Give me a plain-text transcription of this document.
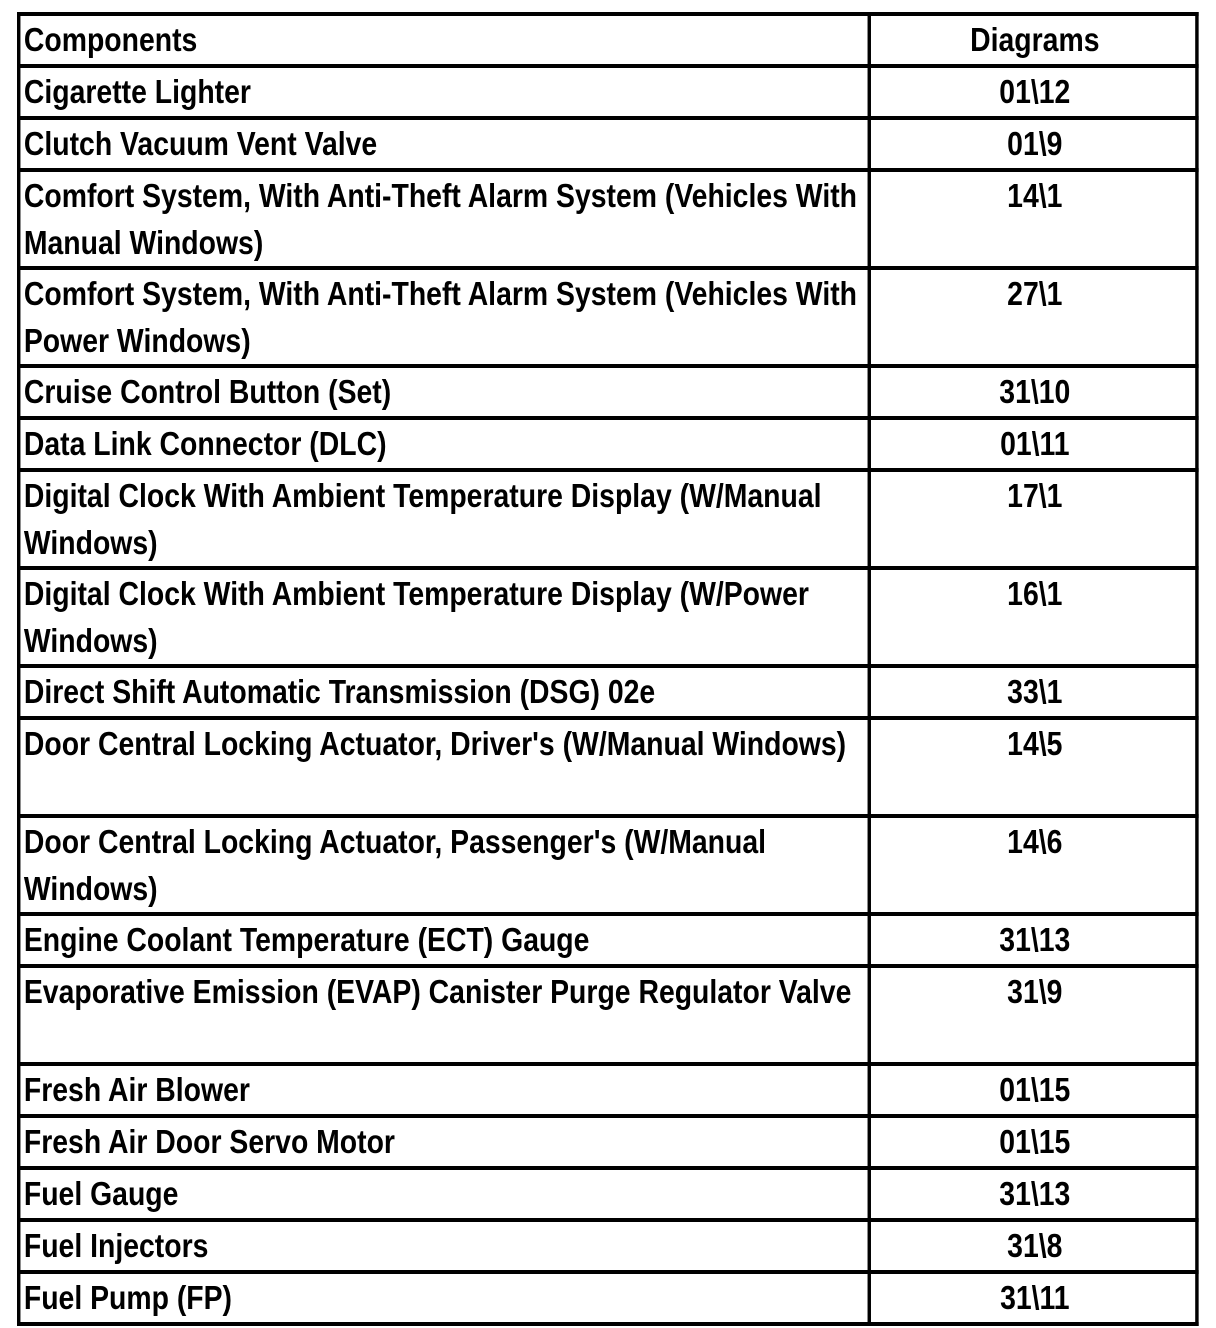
Components	Diagrams
Cigarette Lighter	01\12
Clutch Vacuum Vent Valve	01\9
Comfort System, With Anti-Theft Alarm System (Vehicles With Manual Windows)	14\1
Comfort System, With Anti-Theft Alarm System (Vehicles With Power Windows)	27\1
Cruise Control Button (Set)	31\10
Data Link Connector (DLC)	01\11
Digital Clock With Ambient Temperature Display (W/Manual Windows)	17\1
Digital Clock With Ambient Temperature Display (W/Power Windows)	16\1
Direct Shift Automatic Transmission (DSG) 02e	33\1
Door Central Locking Actuator, Driver's (W/Manual Windows)	14\5
Door Central Locking Actuator, Passenger's (W/Manual Windows)	14\6
Engine Coolant Temperature (ECT) Gauge	31\13
Evaporative Emission (EVAP) Canister Purge Regulator Valve	31\9
Fresh Air Blower	01\15
Fresh Air Door Servo Motor	01\15
Fuel Gauge	31\13
Fuel Injectors	31\8
Fuel Pump (FP)	31\11
